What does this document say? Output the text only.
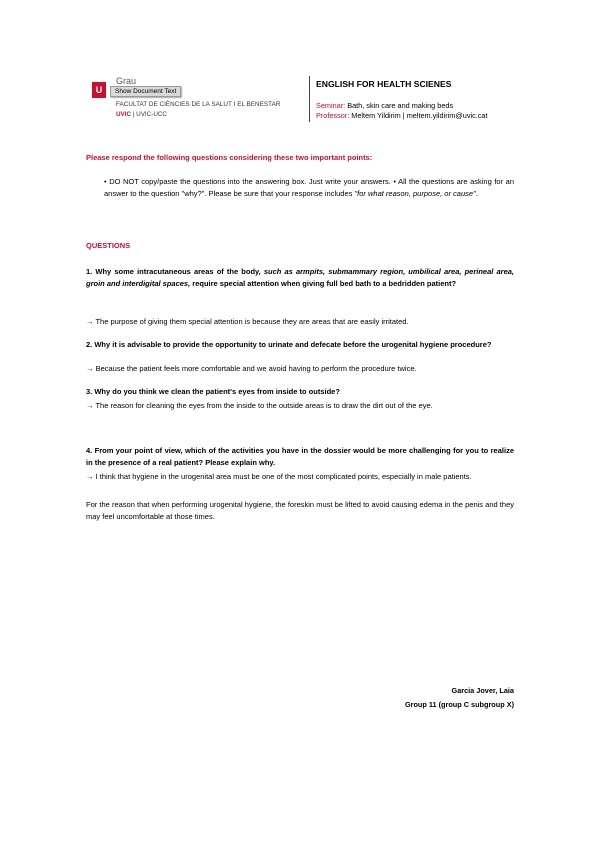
U
Grau
Show Document Text
FACULTAT DE CIÈNCIES DE LA SALUT I EL BENESTAR
UVIC | UVIC-UCC
ENGLISH FOR HEALTH SCIENES
Seminar: Bath, skin care and making beds
Professor: Meltem Yildirim | meltem.yildirim@uvic.cat
Please respond the following questions considering these two important points:
• DO NOT copy/paste the questions into the answering box. Just write your answers. • All the questions are asking for an answer to the question "why?". Please be sure that your response includes "for what reason, purpose, or cause".
QUESTIONS
1. Why some intracutaneous areas of the body, such as armpits, submammary region, umbilical area, perineal area, groin and interdigital spaces, require special attention when giving full bed bath to a bedridden patient?
→ The purpose of giving them special attention is because they are areas that are easily irritated.
2. Why it is advisable to provide the opportunity to urinate and defecate before the urogenital hygiene procedure?
→ Because the patient feels more comfortable and we avoid having to perform the procedure twice.
3. Why do you think we clean the patient's eyes from inside to outside?
→ The reason for cleaning the eyes from the inside to the outside areas is to draw the dirt out of the eye.
4. From your point of view, which of the activities you have in the dossier would be more challenging for you to realize in the presence of a real patient? Please explain why.
→ I think that hygiene in the urogenital area must be one of the most complicated points, especially in male patients.
For the reason that when performing urogenital hygiene, the foreskin must be lifted to avoid causing edema in the penis and they may feel uncomfortable at those times.
Garcia Jover, Laia
Group 11 (group C subgroup X)
